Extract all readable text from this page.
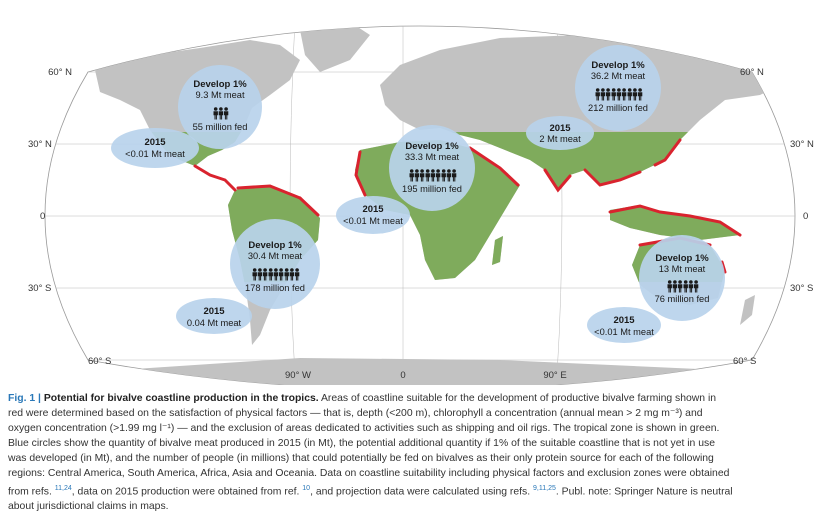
60° N	60° N
30° N	30° N
0	0
30° S	30° S
60° S	60° S
90° W	0	90° E
Develop 1%
9.3 Mt meat
55 million fed
2015
<0.01 Mt meat
Develop 1%
36.2 Mt meat
212 million fed
2015
2 Mt meat
Develop 1%
33.3 Mt meat
195 million fed
2015
<0.01 Mt meat
Develop 1%
30.4 Mt meat
178 million fed
2015
0.04 Mt meat
Develop 1%
13 Mt meat
76 million fed
2015
<0.01 Mt meat
Fig. 1 | Potential for bivalve coastline production in the tropics. Areas of coastline suitable for the development of productive bivalve farming shown in
red were determined based on the satisfaction of physical factors — that is, depth (<200 m), chlorophyll a concentration (annual mean > 2 mg m⁻³) and
oxygen concentration (>1.99 mg l⁻¹) — and the exclusion of areas dedicated to activities such as shipping and oil rigs. The tropical zone is shown in green.
Blue circles show the quantity of bivalve meat produced in 2015 (in Mt), the potential additional quantity if 1% of the suitable coastline that is not yet in use
was developed (in Mt), and the number of people (in millions) that could potentially be fed on bivalves as their only protein source for each of the following
regions: Central America, South America, Africa, Asia and Oceania. Data on coastline suitability including physical factors and exclusion zones were obtained
from refs. $^{11,24}$, data on 2015 production were obtained from ref. $^{10}$, and projection data were calculated using refs. $^{9,11,25}$. Publ. note: Springer Nature is neutral
about jurisdictional claims in maps.
